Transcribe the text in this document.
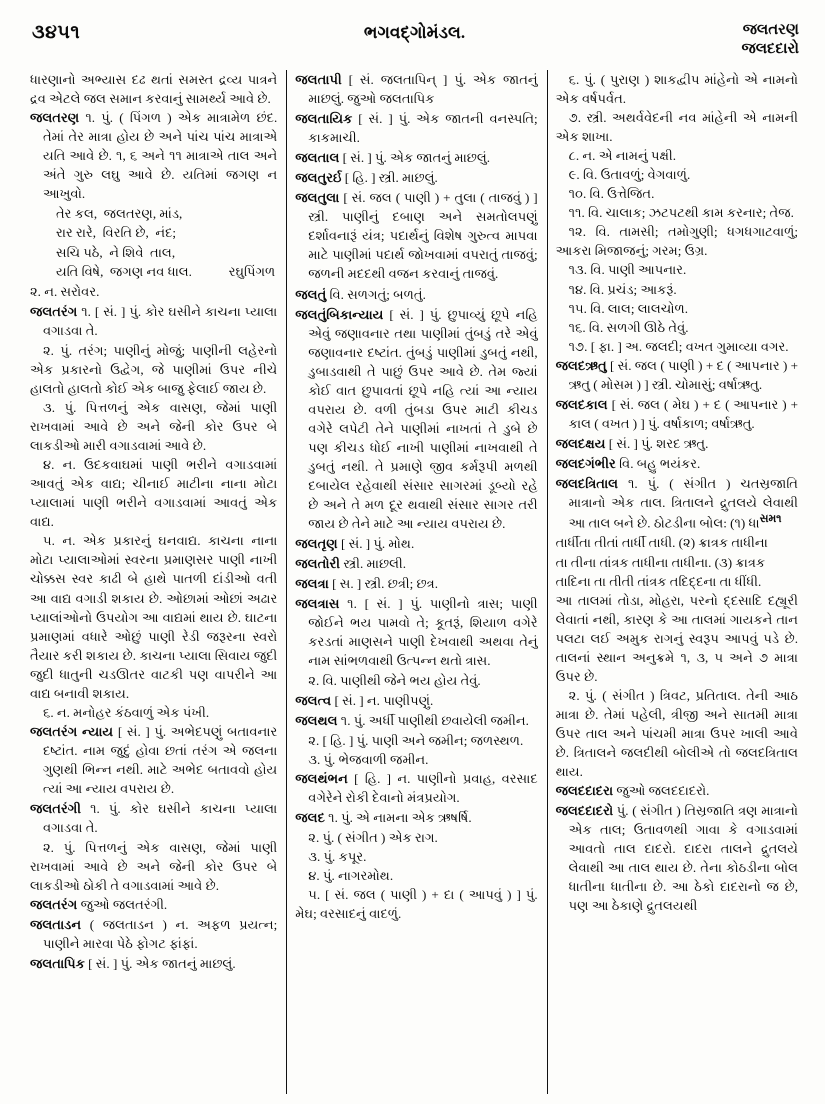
૩૪૫૧	ભગવદ્ગોમંડલ.	જલતરણ
જલદદારો

ધારણાનો અભ્યાસ દઢ થતાં સમસ્ત દ્રવ્ય પાત્રને દ્રવ એટલે જલ સમાન કરવાનું સામર્થ્ય આવે છે.

જલતરણ ૧. પું. ( પિંગળ ) એક માત્રામેળ છંદ. તેમાં તેર માત્રા હોય છે અને પાંચ પાંચ માત્રાએ યતિ આવે છે. ૧, ૬ અને ૧૧ માત્રાએ તાલ અને અંતે ગુરુ લઘુ આવે છે. યતિમાં જગણ ન આખુવો.

તેર કલ,  જલતરણ, માંડ,
રાર રારે,  વિરતિ છે,  નંદ;
સચિ પઠે,  ને શિવે  તાલ,
યતિ વિષે,  જગણ નવ ધાલ.	રઘુપિંગળ

૨. ન. સરોવર.

જલતરંગ ૧. [ સં. ] પું. કોર ઘસીને કાચના પ્યાલા વગાડવા તે.

૨. પું. તરંગ; પાણીનું મોજું; પાણીની લહેરનો એક પ્રકારનો ઉદ્વેગ, જે પાણીમાં ઉપર નીચે હાલતો હાલતો કોઈ એક બાજુ ફેલાઈ જાય છે.

૩. પું. પિત્તળનું એક વાસણ, જેમાં પાણી રાખવામાં આવે છે અને જેની કોર ઉપર બે લાકડીઓ મારી વગાડવામાં આવે છે.

૪. ન. ઉદકવાઘમાં પાણી ભરીને વગાડવામાં આવતું એક વાદ્ય; ચીનાઈ માટીના નાના મોટા પ્યાલામાં પાણી ભરીને વગાડવામાં આવતું એક વાદ્ય.

૫. ન. એક પ્રકારનું ઘનવાદ્ય. કાચના નાના મોટા પ્યાલાઓમાં સ્વરના પ્રમાણસર પાણી નાખી ચોક્કસ સ્વર કાઢી બે હાથે પાતળી દાંડીઓ વતી આ વાદ્ય વગાડી શકાય છે. ઓછામાં ઓછાં અઢાર પ્યાલાંઓનો ઉપયોગ આ વાદ્યમાં થાય છે. ઘાટના પ્રમાણમાં વધારે ઓછું પાણી રેડી જરૂરના સ્વરો તૈયાર કરી શકાય છે. કાચના પ્યાલા સિવાય જુદી જુદી ધાતુની ચડઊતર વાટકી પણ વાપરીને આ વાદ્ય બનાવી શકાય.

૬. ન. મનોહર કંઠવાળું એક પંખી.

જલતરંગ ન્યાય [ સં. ] પું. અભેદપણું બતાવનાર દષ્ટાંત. નામ જુદું હોવા છતાં તરંગ એ જલના ગુણથી ભિન્ન નથી. માટે અભેદ બતાવવો હોય ત્યાં આ ન્યાય વપરાય છે.

જલતરંગી ૧. પું. કોર ઘસીને કાચના પ્યાલા વગાડવા તે.

૨. પું. પિત્તળનું એક વાસણ, જેમાં પાણી રાખવામાં આવે છે અને જેની કોર ઉપર બે લાકડીઓ ઠોકી તે વગાડવામાં આવે છે.

જલતરંગ જુઓ જલતરંગી.

જલતાડન ( જલતાડન ) ન. અફળ પ્રયત્ન; પાણીને મારવા પેઠે ફોગટ ફાંફાં.

જલતાપિક [ સં. ] પું. એક જાતનું માછલું.

જલતાપી [ સં. જલતાપિન્ ] પું. એક જાતનું માછલું. જુઓ જલતાપિક

જલતાયિક [ સં. ] પું. એક જાતની વનસ્પતિ; કાકમાચી.

જલતાલ [ સં. ] પું. એક જાતનું માછલું.

જલતુરર્ઇ [ હિ. ] સ્ત્રી. માછલું.

જલતુલા [ સં. જલ ( પાણી ) + તુલા ( તાજવું ) ] સ્ત્રી. પાણીનું દબાણ અને સમતોલપણું દર્શાવનારૂં યંત્ર; પદાર્થનું વિશેષ ગુરુત્વ માપવા માટે પાણીમાં પદાર્થ જોખવામાં વપરાતું તાજવું; જળની મદદથી વજન કરવાનું તાજવું.

જલતું વિ. સળગતું; બળતું.

જલતુંબિકાન્યાય [ સં. ] પું. છુપાવ્યું છૂપે નહિ એવું જણાવનાર તથા પાણીમાં તુંબડું તરે એવું જણાવનાર દષ્ટાંત. તુંબડું પાણીમાં ડુબતું નથી, ડુબાડવાથી તે પાછું ઉપર આવે છે. તેમ જ્યાં કોઈ વાત છુપાવતાં છૂપે નહિ ત્યાં આ ન્યાય વપરાય છે. વળી તુંબડા ઉપર માટી કીચડ વગેરે લપેટી તેને પાણીમાં નાખતાં તે ડુબે છે પણ કીચડ ધોઈ નાખી પાણીમાં નાખવાથી તે ડુબતું નથી. તે પ્રમાણે જીવ કર્મરૂપી મળથી દબાયેલ રહેવાથી સંસાર સાગરમાં ડૂબ્યો રહે છે અને તે મળ દૂર થવાથી સંસાર સાગર તરી જાય છે તેને માટે આ ન્યાય વપરાય છે.

જલતૃણ [ સં. ] પું. મોથ.

જલતોરી સ્ત્રી. માછલી.

જલત્રા [ સ. ] સ્ત્રી. છત્રી; છત્ર.

જલત્રાસ ૧. [ સં. ] પું. પાણીનો ત્રાસ; પાણી જોઈને ભય પામવો તે; કૂતરૂં, શિયાળ વગેરે કરડતાં માણસને પાણી દેખવાથી અથવા તેનું નામ સાંભળવાથી ઉત્પન્ન થતો ત્રાસ.

૨. વિ. પાણીથી જેને ભય હોય તેવું.

જલત્વ [ સં. ] ન. પાણીપણું.

જલથલ ૧. પું. અર્ધી પાણીથી છવાયેલી જમીન.

૨. [ હિ. ] પું. પાણી અને જમીન; જળસ્થળ.

૩. પું. ભેજવાળી જમીન.

જલથંભન [ હિ. ] ન. પાણીનો પ્રવાહ, વરસાદ વગેરેને રોકી દેવાનો મંત્રપ્રયોગ.

જલદ ૧. પું. એ નામના એક ઋષર્ષિ.

૨. પું. ( સંગીત ) એક રાગ.

૩. પું. કપૂર.

૪. પું. નાગરમોથ.

૫. [ સં. જલ ( પાણી ) + દા ( આપવું ) ] પું. મેઘ; વરસાદનું વાદળું.

૬. પું. ( પુરાણ ) શાકદ્વીપ માંહેનો એ નામનો એક વર્ષપર્વત.

૭. સ્ત્રી. અથર્વવેદની નવ માંહેની એ નામની એક શાખા.

૮. ન. એ નામનું પક્ષી.

૯. વિ. ઉતાવળું; વેગવાળું.

૧૦. વિ. ઉત્તેજિત.

૧૧. વિ. ચાલાક; ઝટપટથી કામ કરનાર; તેજ.

૧૨. વિ. તામસી; તમોગુણી; ધગધગાટવાળું; આકરા મિજાજનું; ગરમ; ઉગ્ર.

૧૩. વિ. પાણી આપનાર.

૧૪. વિ. પ્રચંડ; આકરૂં.

૧૫. વિ. લાલ; લાલચોળ.

૧૬. વિ. સળગી ઊઠે તેવું.

૧૭. [ ફા. ] અ. જલદી; વખત ગુમાવ્યા વગર.

જલદઋતુ [ સં. જલ ( પાણી ) + દ ( આપનાર ) + ઋતુ ( મોસમ ) ] સ્ત્રી. ચોમાસું; વર્ષાઋતુ.

જલદકાલ [ સં. જલ ( મેઘ ) + દ ( આપનાર ) + કાલ ( વખત ) ] પું. વર્ષાકાળ; વર્ષાઋતુ.

જલદક્ષય [ સં. ] પું. શરદ ઋતુ.

જલદગંભીર વિ. બહુ ભયંકર.

જલદત્રિતાલ ૧. પું. ( સંગીત ) ચતસ્રજાતિ માત્રાનો એક તાલ. ત્રિતાલને દ્રુતલયે લેવાથી આ તાલ બને છે. ઠોટડીના બોલ: (૧) ધા$^{સમ૧}$

તાર્ધીતા તીતાં તાર્ધી તાધી. (૨) ક્રાત્રક તાધીના

તા તીના તાંત્રક તાધીના તાધીના. (૩) ક્રાત્રક

તાદિના તા તીતી તાંત્રક તદિદ્દના તા ધીંધી.

આ તાલમાં તોડા, મોહરા, પરનો દ્દસાદિ દહ્યૂરી લેવાતાં નથી, કારણ કે આ તાલમાં ગાયકને તાન પલટા લઈ અમુક રાગનું સ્વરૂપ આપવું પડે છે. તાલનાં સ્થાન અનુક્રમે ૧, ૩, ૫ અને ૭ માત્રા ઉપર છે.

૨. પું. ( સંગીત ) ત્રિવટ, પ્રતિતાલ. તેની આઠ માત્રા છે. તેમાં પહેલી, ત્રીજી અને સાતમી માત્રા ઉપર તાલ અને પાંચમી માત્રા ઉપર ખાલી આવે છે. ત્રિતાલને જલદીથી બોલીએ તો જલદત્રિતાલ થાય.

જલદદાદરા જુઓ જલદદાદરો.

જલદદાદરો પું. ( સંગીત ) તિસ્રજાતિ ત્રણ માત્રાનો એક તાલ; ઉતાવળથી ગાવા કે વગાડવામાં આવતો તાલ દાદરો. દાદરા તાલને દ્રુતલયે લેવાથી આ તાલ થાય છે. તેના કોઠડીના બોલ ધાતીના ધાતીના છે. આ ઠેકો દાદરાનો જ છે, પણ આ ઠેકાણે દ્રુતલયથી
